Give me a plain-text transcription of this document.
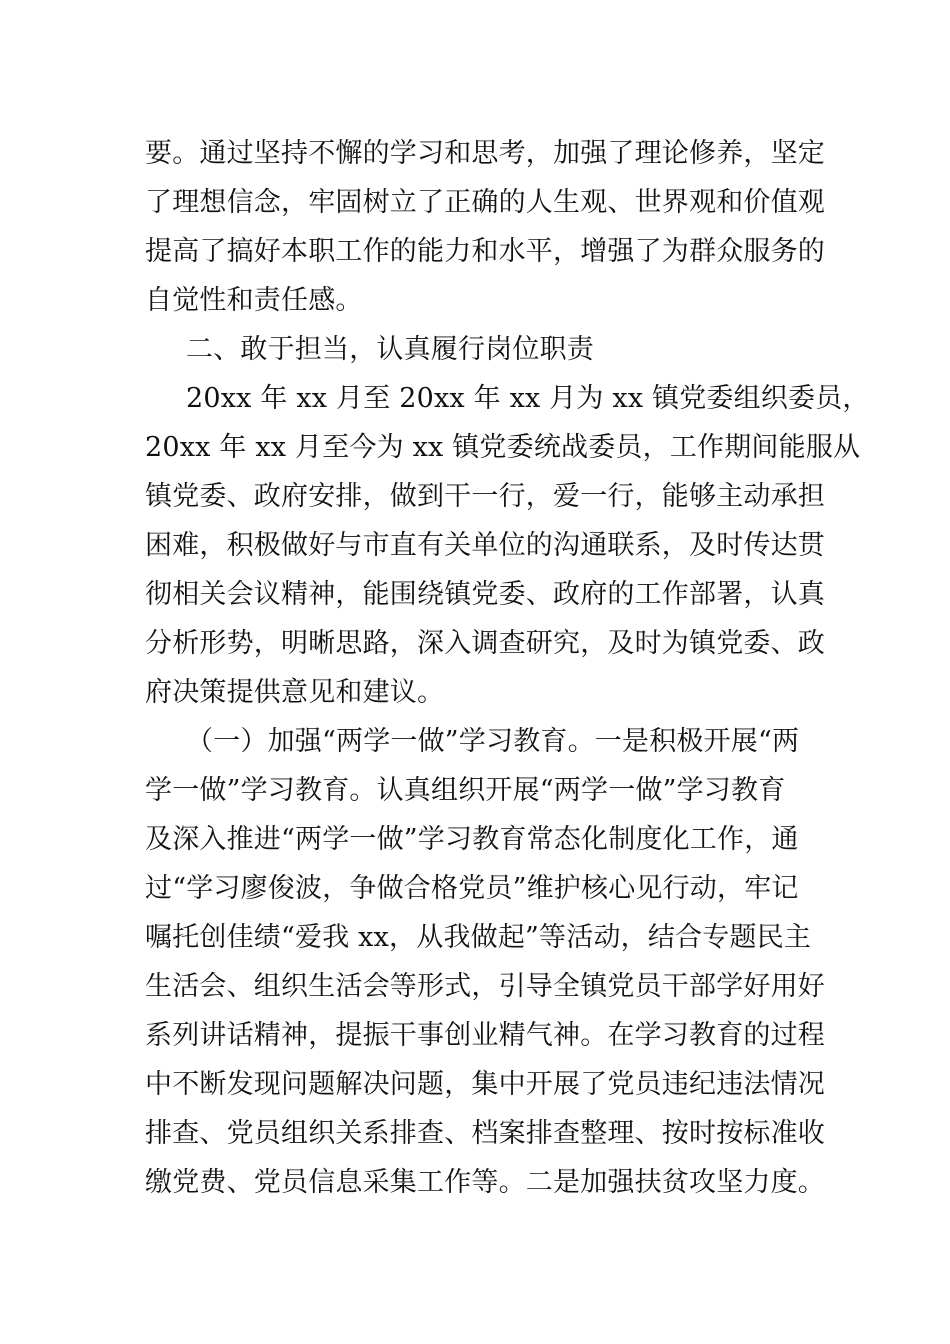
要。通过坚持不懈的学习和思考，加强了理论修养，坚定
了理想信念，牢固树立了正确的人生观、世界观和价值观
提高了搞好本职工作的能力和水平，增强了为群众服务的
自觉性和责任感。
二、敢于担当，认真履行岗位职责
20xx 年 xx 月至 20xx 年 xx 月为 xx 镇党委组织委员，
20xx 年 xx 月至今为 xx 镇党委统战委员，工作期间能服从
镇党委、政府安排，做到干一行，爱一行，能够主动承担
困难，积极做好与市直有关单位的沟通联系，及时传达贯
彻相关会议精神，能围绕镇党委、政府的工作部署，认真
分析形势，明晰思路，深入调查研究，及时为镇党委、政
府决策提供意见和建议。
（一）加强“两学一做”学习教育。一是积极开展“两
学一做”学习教育。认真组织开展“两学一做”学习教育
及深入推进“两学一做”学习教育常态化制度化工作，通
过“学习廖俊波，争做合格党员”维护核心见行动，牢记
嘱托创佳绩“爱我 xx，从我做起”等活动，结合专题民主
生活会、组织生活会等形式，引导全镇党员干部学好用好
系列讲话精神，提振干事创业精气神。在学习教育的过程
中不断发现问题解决问题，集中开展了党员违纪违法情况
排查、党员组织关系排查、档案排查整理、按时按标准收
缴党费、党员信息采集工作等。二是加强扶贫攻坚力度。
